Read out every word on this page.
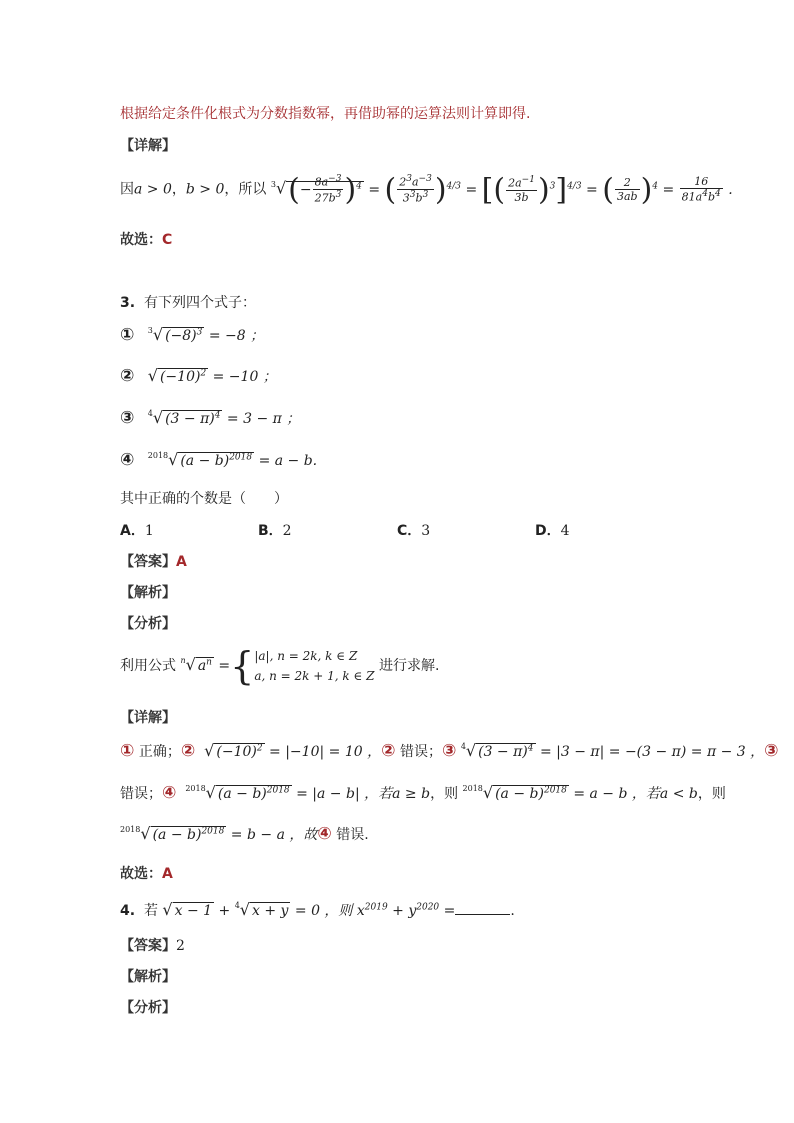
根据给定条件化根式为分数指数幂，再借助幂的运算法则计算即得.
【详解】
因a > 0，b > 0，所以 $^3√(- \frac{8a^{-3}}{27b^3} )^4$ = ( $\frac{2^3a^{-3}}{3^3b^3} )^{4/3}$ = [( $\frac{2a^{-1}}{3b} )^3]^{4/3}$ = ( $\frac{2}{3ab} )^4 = \frac{16}{81a^4b^4}$ .
故选：C
3. 有下列四个式子：
① $^3$√ $(-8)^3 = -8$ ；
② √ $(-10)^2 = -10$ ；
③ $^4$√ $(3 - \pi)^4 = 3 - \pi$ ；
④ $^{2018}$√ $(a - b)^{2018} = a - b$.
其中正确的个数是（　　）
A．1	B．2	C．3	D．4
【答案】A
【解析】
【分析】
利用公式 $^n$√ $a^n =\{|a|$, n = 2k, k ∈ Z
a, n = 2k + 1, k ∈ Z 进行求解.
【详解】
① 正确；② √ $(-10)^2 = |-10| = 10$ ，② 错误；③ $^4$√ $(3 - \pi)^4 = |3 - \pi| = -(3 - \pi) = \pi - 3$ ，③
错误；④ $^{2018}$√ $(a - b)^{2018} = |a - b|$ ，若a ≥ b，则 $^{2018}$√ $(a - b)^{2018} = a - b$ ，若a < b，则
$^{2018}$√ $(a - b)^{2018} = b - a$ ，故④ 错误.
故选：A
4. 若 √ x − 1 + $^4$√ x + y = 0 ，则 $x^{2019} + y^{2020}$ =	.
【答案】2
【解析】
【分析】
